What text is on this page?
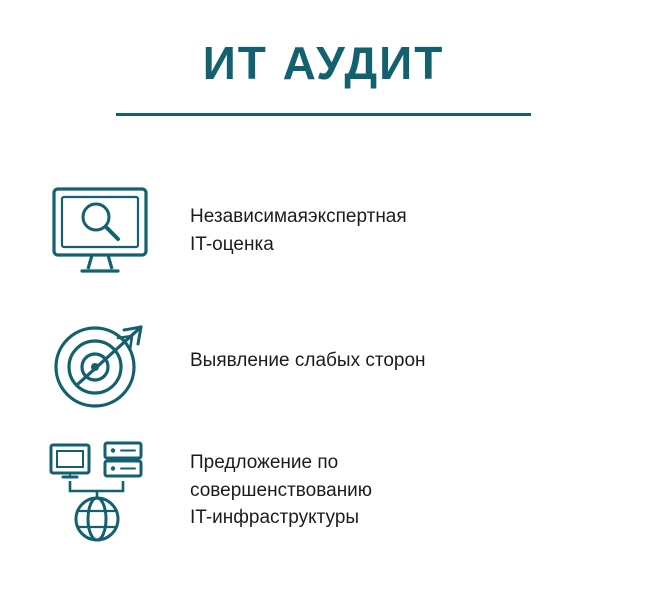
ИТ АУДИТ
Независимаяэкспертная
IT-оценка
Выявление слабых сторон
Предложение по
совершенствованию
IT-инфраструктуры
